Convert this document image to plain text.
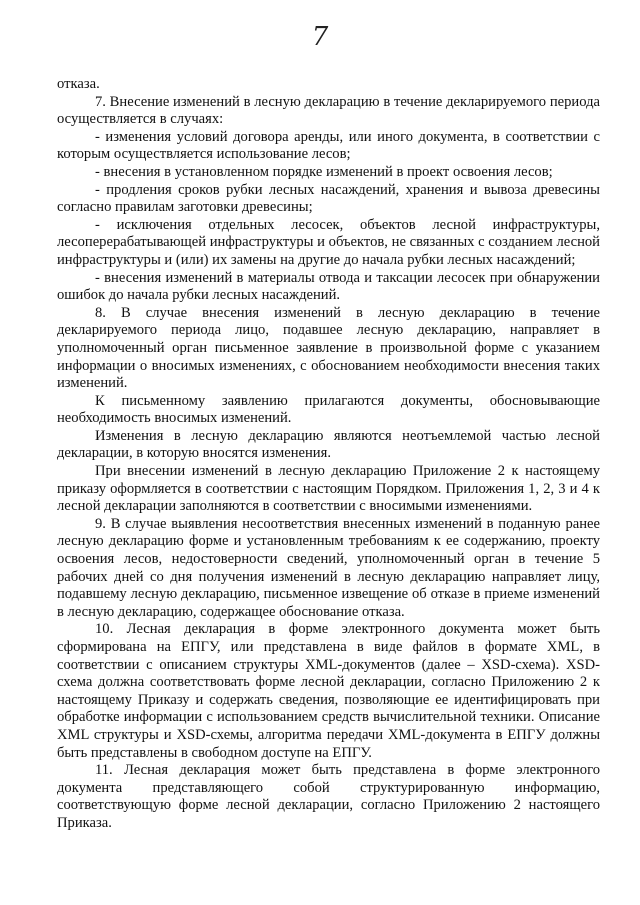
7

отказа.

7. Внесение изменений в лесную декларацию в течение декларируемого периода осуществляется в случаях:

- изменения условий договора аренды, или иного документа, в соответствии с которым осуществляется использование лесов;

- внесения в установленном порядке изменений в проект освоения лесов;

- продления сроков рубки лесных насаждений, хранения и вывоза древесины согласно правилам заготовки древесины;

- исключения отдельных лесосек, объектов лесной инфраструктуры, лесоперерабатывающей инфраструктуры и объектов, не связанных с созданием лесной инфраструктуры и (или) их замены на другие до начала рубки лесных насаждений;

- внесения изменений в материалы отвода и таксации лесосек при обнаружении ошибок до начала рубки лесных насаждений.

8. В случае внесения изменений в лесную декларацию в течение декларируемого периода лицо, подавшее лесную декларацию, направляет в уполномоченный орган письменное заявление в произвольной форме с указанием информации о вносимых изменениях, с обоснованием необходимости внесения таких изменений.

К письменному заявлению прилагаются документы, обосновывающие необходимость вносимых изменений.

Изменения в лесную декларацию являются неотъемлемой частью лесной декларации, в которую вносятся изменения.

При внесении изменений в лесную декларацию Приложение 2 к настоящему приказу оформляется в соответствии с настоящим Порядком. Приложения 1, 2, 3 и 4 к лесной декларации заполняются в соответствии с вносимыми изменениями.

9. В случае выявления несоответствия внесенных изменений в поданную ранее лесную декларацию форме и установленным требованиям к ее содержанию, проекту освоения лесов, недостоверности сведений, уполномоченный орган в течение 5 рабочих дней со дня получения изменений в лесную декларацию направляет лицу, подавшему лесную декларацию, письменное извещение об отказе в приеме изменений в лесную декларацию, содержащее обоснование отказа.

10. Лесная декларация в форме электронного документа может быть сформирована на ЕПГУ, или представлена в виде файлов в формате XML, в соответствии с описанием структуры XML-документов (далее – XSD-схема). XSD-схема должна соответствовать форме лесной декларации, согласно Приложению 2 к настоящему Приказу и содержать сведения, позволяющие ее идентифицировать при обработке информации с использованием средств вычислительной техники. Описание XML структуры и XSD-схемы, алгоритма передачи XML-документа в ЕПГУ должны быть представлены в свободном доступе на ЕПГУ.

11. Лесная декларация может быть представлена в форме электронного документа представляющего собой структурированную информацию, соответствующую форме лесной декларации, согласно Приложению 2 настоящего Приказа.
